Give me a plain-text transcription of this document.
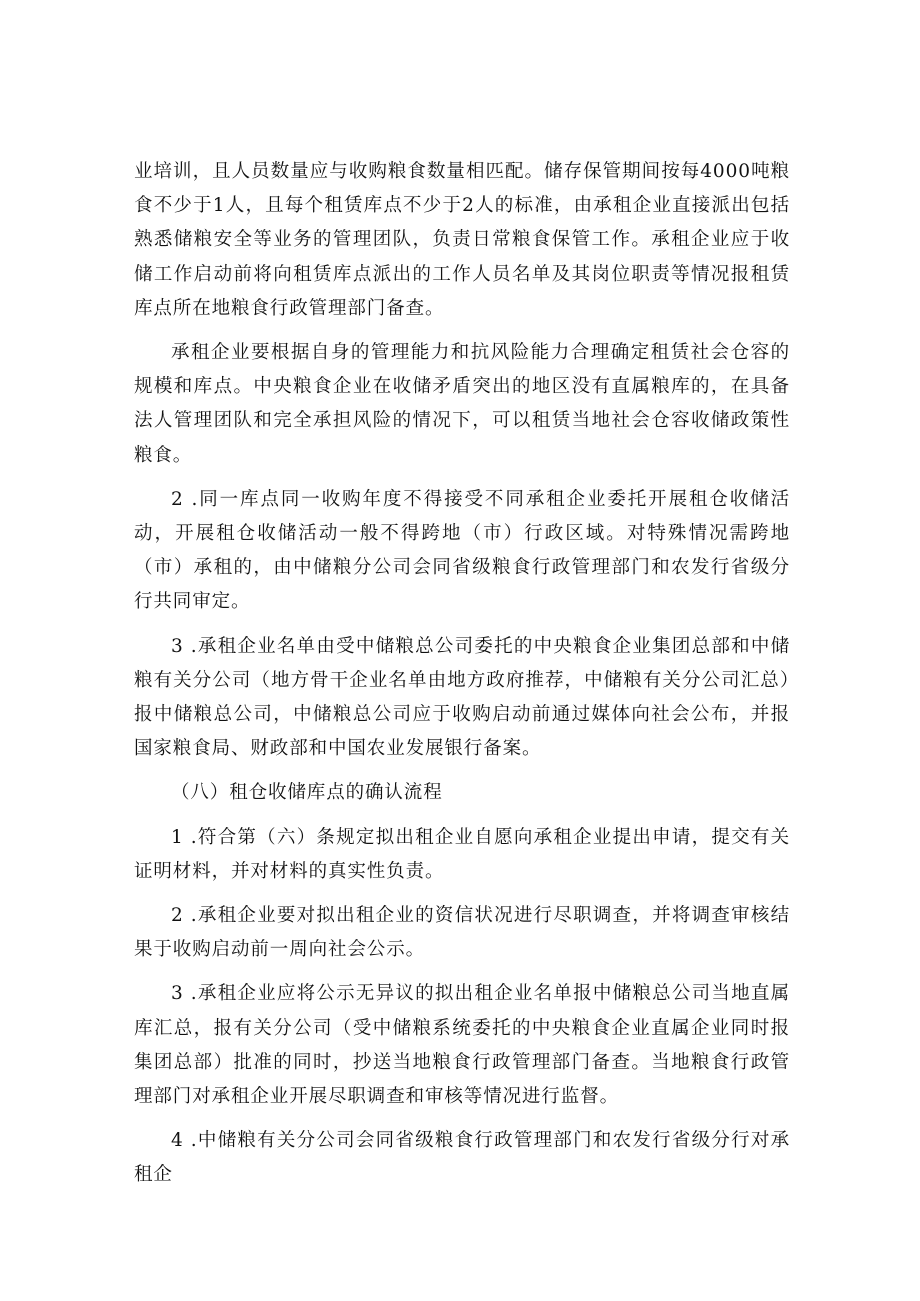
业培训，且人员数量应与收购粮食数量相匹配。储存保管期间按每4000吨粮食不少于1人，且每个租赁库点不少于2人的标准，由承租企业直接派出包括熟悉储粮安全等业务的管理团队，负责日常粮食保管工作。承租企业应于收储工作启动前将向租赁库点派出的工作人员名单及其岗位职责等情况报租赁库点所在地粮食行政管理部门备查。

承租企业要根据自身的管理能力和抗风险能力合理确定租赁社会仓容的规模和库点。中央粮食企业在收储矛盾突出的地区没有直属粮库的，在具备法人管理团队和完全承担风险的情况下，可以租赁当地社会仓容收储政策性粮食。

2 .同一库点同一收购年度不得接受不同承租企业委托开展租仓收储活动，开展租仓收储活动一般不得跨地（市）行政区域。对特殊情况需跨地（市）承租的，由中储粮分公司会同省级粮食行政管理部门和农发行省级分行共同审定。

3 .承租企业名单由受中储粮总公司委托的中央粮食企业集团总部和中储粮有关分公司（地方骨干企业名单由地方政府推荐，中储粮有关分公司汇总）报中储粮总公司，中储粮总公司应于收购启动前通过媒体向社会公布，并报国家粮食局、财政部和中国农业发展银行备案。

（八）租仓收储库点的确认流程

1 .符合第（六）条规定拟出租企业自愿向承租企业提出申请，提交有关证明材料，并对材料的真实性负责。

2 .承租企业要对拟出租企业的资信状况进行尽职调查，并将调查审核结果于收购启动前一周向社会公示。

3 .承租企业应将公示无异议的拟出租企业名单报中储粮总公司当地直属库汇总，报有关分公司（受中储粮系统委托的中央粮食企业直属企业同时报集团总部）批准的同时，抄送当地粮食行政管理部门备查。当地粮食行政管理部门对承租企业开展尽职调查和审核等情况进行监督。

4 .中储粮有关分公司会同省级粮食行政管理部门和农发行省级分行对承租企
